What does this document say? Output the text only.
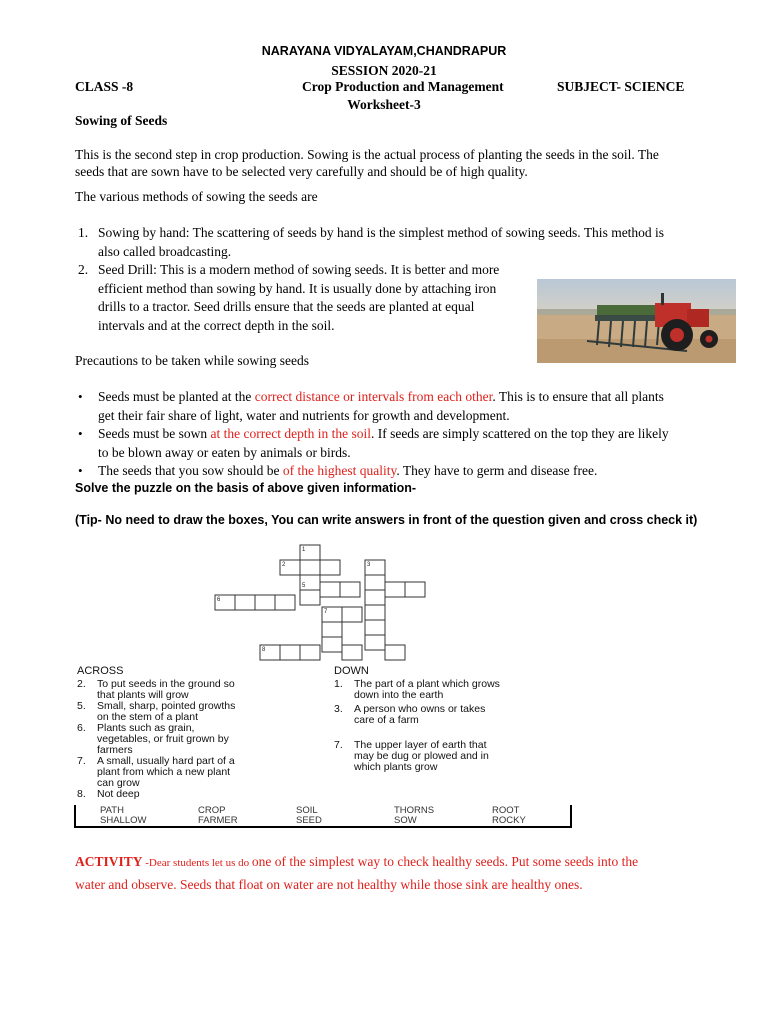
NARAYANA VIDYALAYAM,CHANDRAPUR
SESSION 2020-21
CLASS -8	Crop Production and Management	SUBJECT- SCIENCE
Worksheet-3
Sowing of Seeds
This is the second step in crop production. Sowing is the actual process of planting the seeds in the soil. The
seeds that are sown have to be selected very carefully and should be of high quality.
The various methods of sowing the seeds are
1. Sowing by hand: The scattering of seeds by hand is the simplest method of sowing seeds. This method is
also called broadcasting.
2. Seed Drill: This is a modern method of sowing seeds. It is better and more
efficient method than sowing by hand. It is usually done by attaching iron
drills to a tractor. Seed drills ensure that the seeds are planted at equal
intervals and at the correct depth in the soil.
Precautions to be taken while sowing seeds
• Seeds must be planted at the correct distance or intervals from each other. This is to ensure that all plants
get their fair share of light, water and nutrients for growth and development.
• Seeds must be sown at the correct depth in the soil. If seeds are simply scattered on the top they are likely
to be blown away or eaten by animals or birds.
• The seeds that you sow should be of the highest quality. They have to germ and disease free.
Solve the puzzle on the basis of above given information-
(Tip- No need to draw the boxes, You can write answers in front of the question given and cross check it)
1
2	3
5
6
7
8
ACROSS
2. To put seeds in the ground so
that plants will grow
5. Small, sharp, pointed growths
on the stem of a plant
6. Plants such as grain,
vegetables, or fruit grown by
farmers
7. A small, usually hard part of a
plant from which a new plant
can grow
8. Not deep
DOWN
1. The part of a plant which grows
down into the earth
3. A person who owns or takes
care of a farm
7. The upper layer of earth that
may be dug or plowed and in
which plants grow
PATH	CROP	SOIL	THORNS	ROOT
SHALLOW	FARMER	SEED	SOW	ROCKY
ACTIVITY -Dear students let us do one of the simplest way to check healthy seeds. Put some seeds into the
water and observe. Seeds that float on water are not healthy while those sink are healthy ones.
